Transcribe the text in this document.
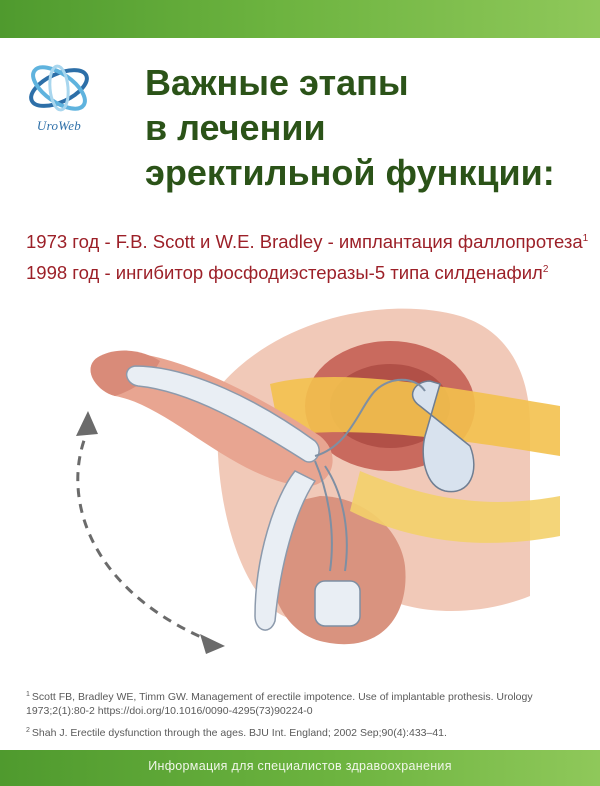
UroWeb
Важные этапы
в лечении
эректильной функции:
1973 год - F.B. Scott и W.E. Bradley - имплантация фаллопротеза$^1$
1998 год - ингибитор фосфодиэстеразы-5 типа силденафил$^2$
$^1$ Scott FB, Bradley WE, Timm GW. Management of erectile impotence. Use of implantable prothesis. Urology 1973;2(1):80-2 https://doi.org/10.1016/0090-4295(73)90224-0
$^2$ Shah J. Erectile dysfunction through the ages. BJU Int. England; 2002 Sep;90(4):433–41.
Информация для специалистов здравоохранения
